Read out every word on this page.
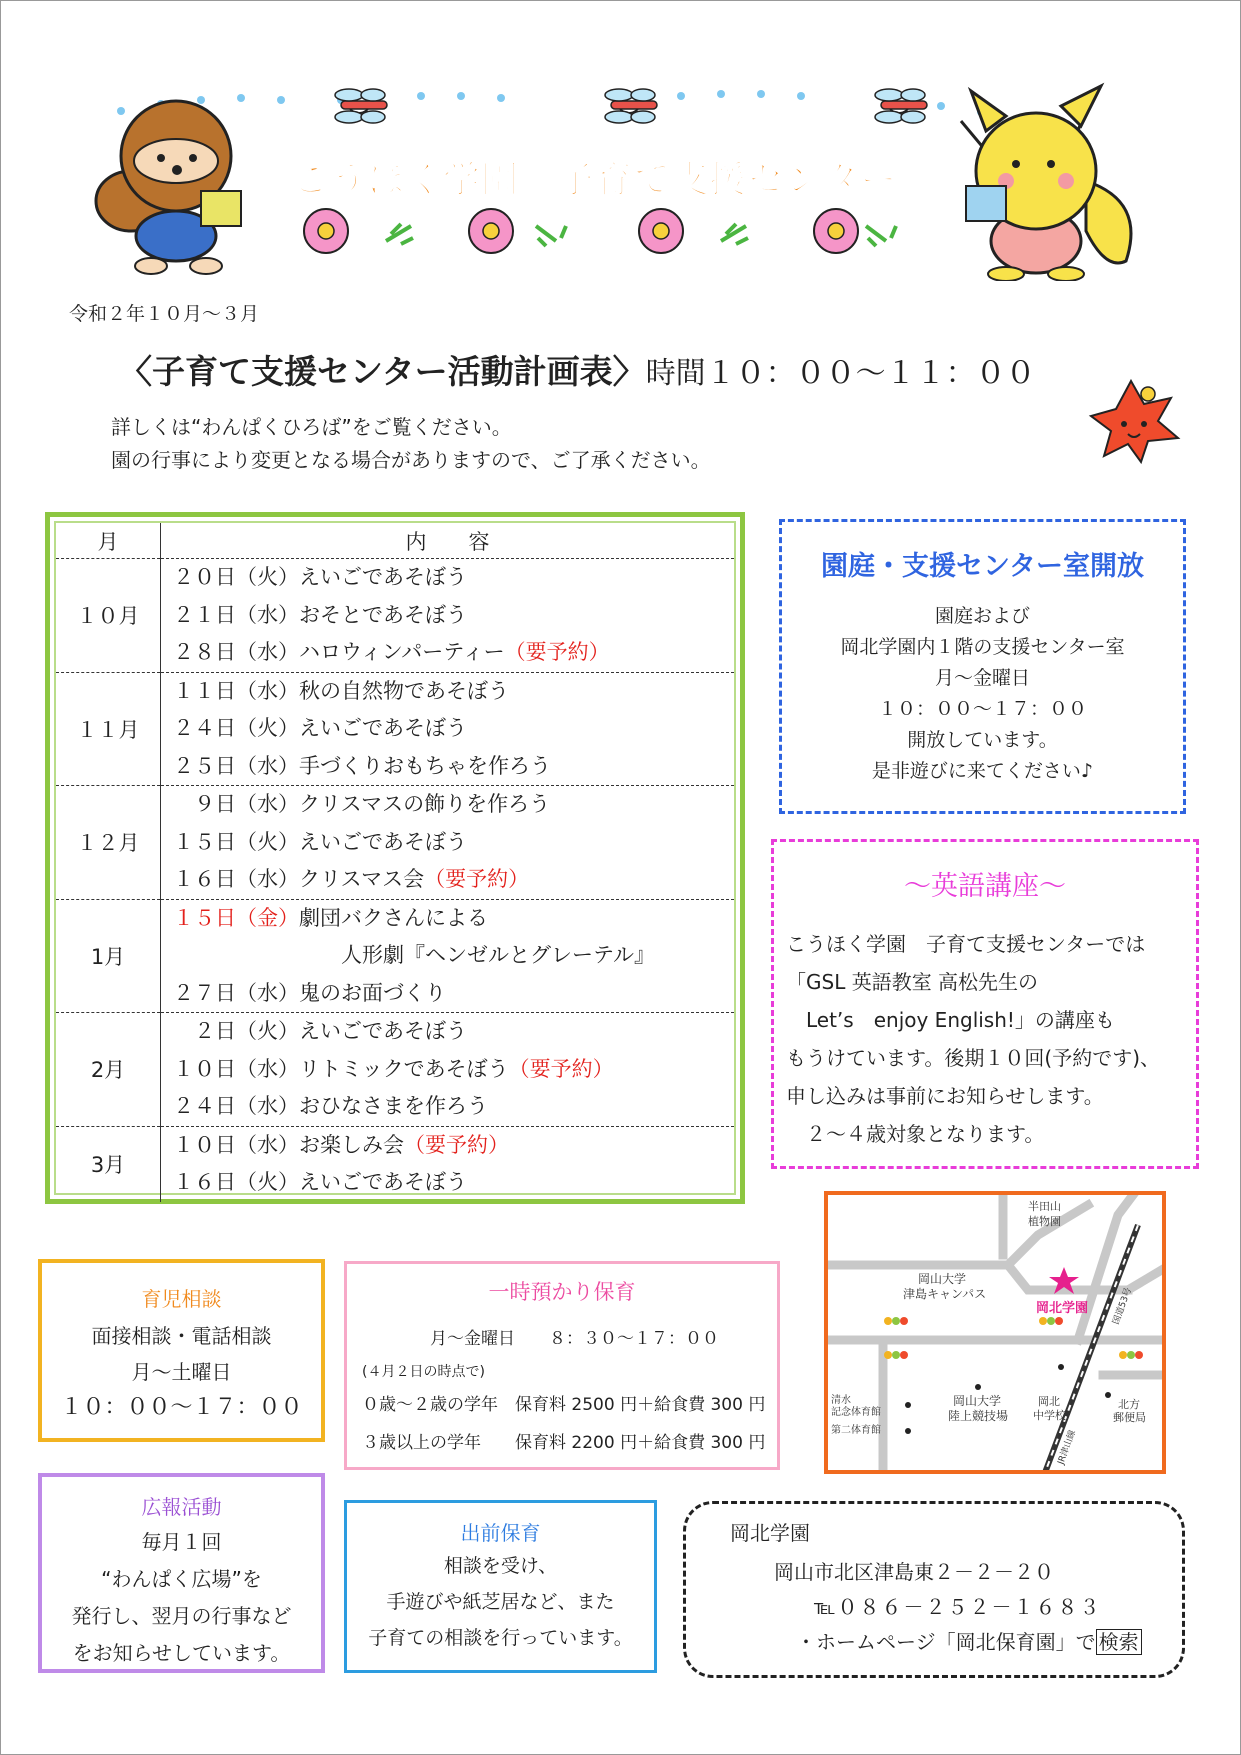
こうほく学園　子育て支援センター
令和２年１０月～３月
〈子育て支援センター活動計画表〉時間１０：００～１１：００
詳しくは“わんぱくひろば”をご覧ください。
園の行事により変更となる場合がありますので、ご了承ください。
月	内　　容
１０月	２０日（火）えいごであそぼう
２１日（水）おそとであそぼう
２８日（水）ハロウィンパーティー（要予約）

１１月	１１日（水）秋の自然物であそぼう
２４日（火）えいごであそぼう
２５日（水）手づくりおもちゃを作ろう

１２月	　９日（水）クリスマスの飾りを作ろう
１５日（火）えいごであそぼう
１６日（水）クリスマス会（要予約）

1月	１５日（金）劇団バクさんによる
　　　　　　　　人形劇『ヘンゼルとグレーテル』
２７日（水）鬼のお面づくり

2月	　２日（火）えいごであそぼう
１０日（水）リトミックであそぼう（要予約）
２４日（水）おひなさまを作ろう

3月	１０日（水）お楽しみ会（要予約）
１６日（火）えいごであそぼう
園庭・支援センター室開放

園庭および

岡北学園内１階の支援センター室

月～金曜日

１０：００～１７：００

開放しています。

是非遊びに来てください♪

～英語講座～

こうほく学園　子育て支援センターでは

「GSL 英語教室 高松先生の

　Let’s　enjoy English!」の講座も

もうけています。後期１０回(予約です)、

申し込みは事前にお知らせします。

　２～４歳対象となります。

半田山
植物園
岡山大学
津島キャンパス
岡北学園
岡山大学
陸上競技場
岡北
中学校
清水
記念体育館
第二体育館
北方
郵便局
JR津山線
国道53号
育児相談

面接相談・電話相談

月～土曜日

１０：００～１７：００

一時預かり保育

　　　　月～金曜日　　８：３０～１７：００

(４月２日の時点で)

０歳～２歳の学年　保育料 2500 円＋給食費 300 円

３歳以上の学年　　保育料 2200 円＋給食費 300 円

広報活動

毎月１回

“わんぱく広場”を

発行し、翌月の行事など

をお知らせしています。

出前保育

相談を受け、

手遊びや紙芝居など、また

子育ての相談を行っています。

岡北学園

岡山市北区津島東２－２－２０

℡０８６－２５２－１６８３

・ホームページ「岡北保育園」で 検索
